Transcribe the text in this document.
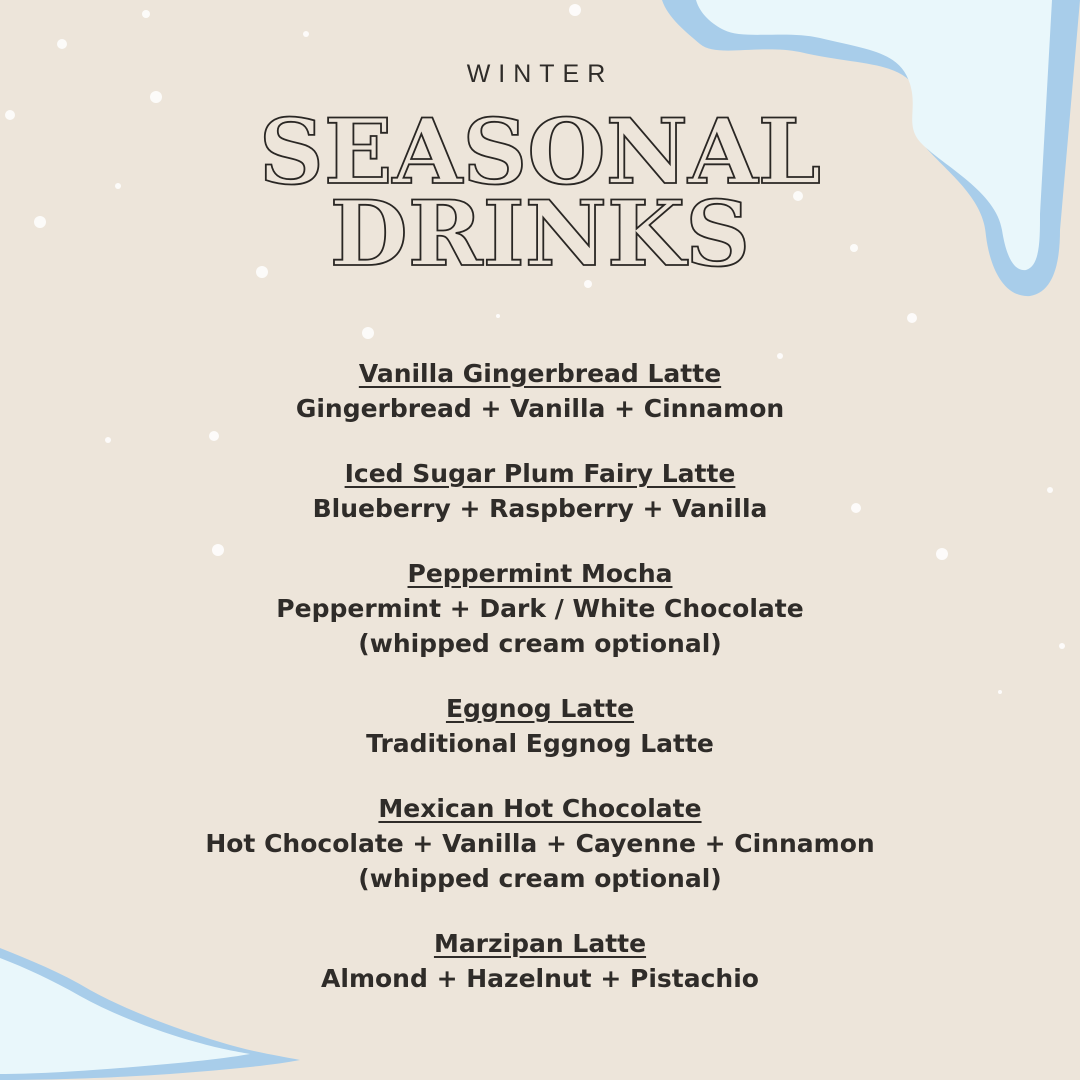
WINTER
SEASONAL
DRINKS
Vanilla Gingerbread Latte
Gingerbread + Vanilla + Cinnamon
Iced Sugar Plum Fairy Latte
Blueberry + Raspberry + Vanilla
Peppermint Mocha
Peppermint + Dark / White Chocolate
(whipped cream optional)
Eggnog Latte
Traditional Eggnog Latte
Mexican Hot Chocolate
Hot Chocolate + Vanilla + Cayenne + Cinnamon
(whipped cream optional)
Marzipan Latte
Almond + Hazelnut + Pistachio
